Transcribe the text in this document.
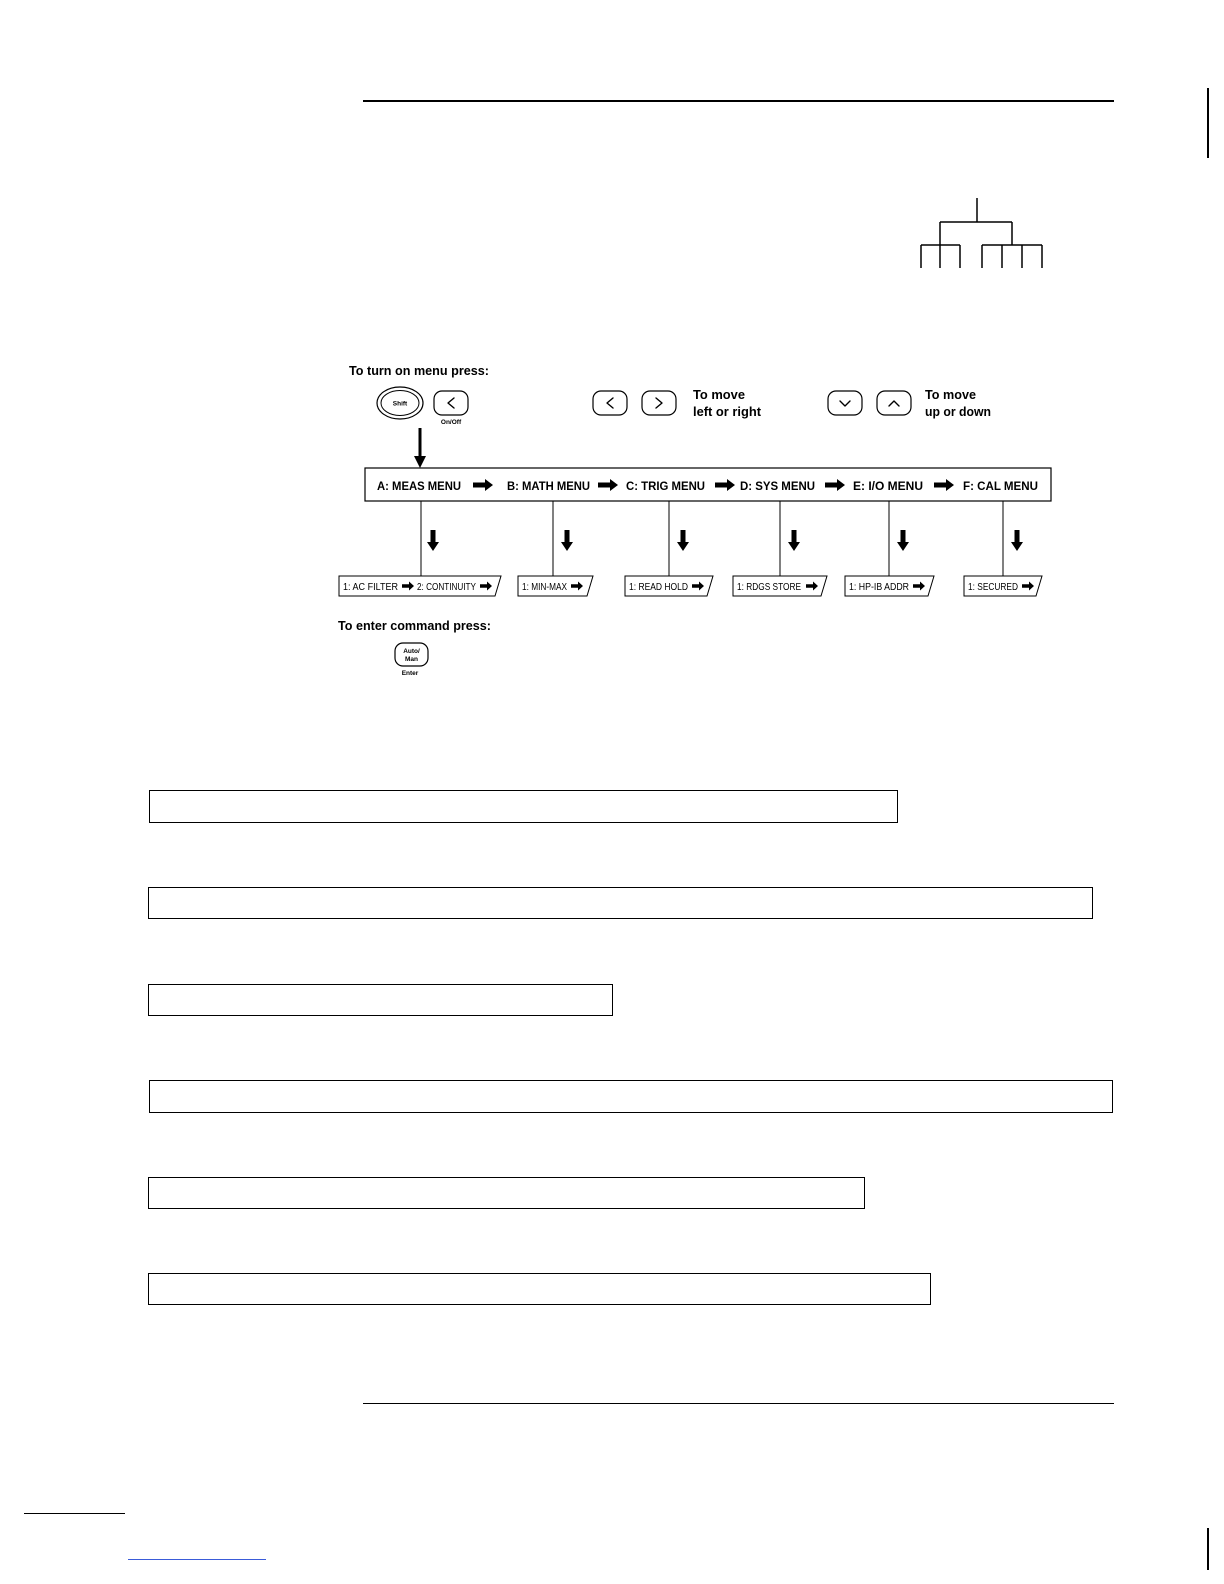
To turn on menu press:
Shift
On/Off
To move
left or right
To move
up or down
A: MEAS MENU	B: MATH MENU	C: TRIG MENU	D: SYS MENU	E: I/O MENU	F: CAL MENU
1: AC FILTER 2: CONTINUITY	1: MIN-MAX	1: READ HOLD	1: RDGS STORE	1: HP-IB ADDR	1: SECURED
To enter command press:
Auto/
Man
Enter
